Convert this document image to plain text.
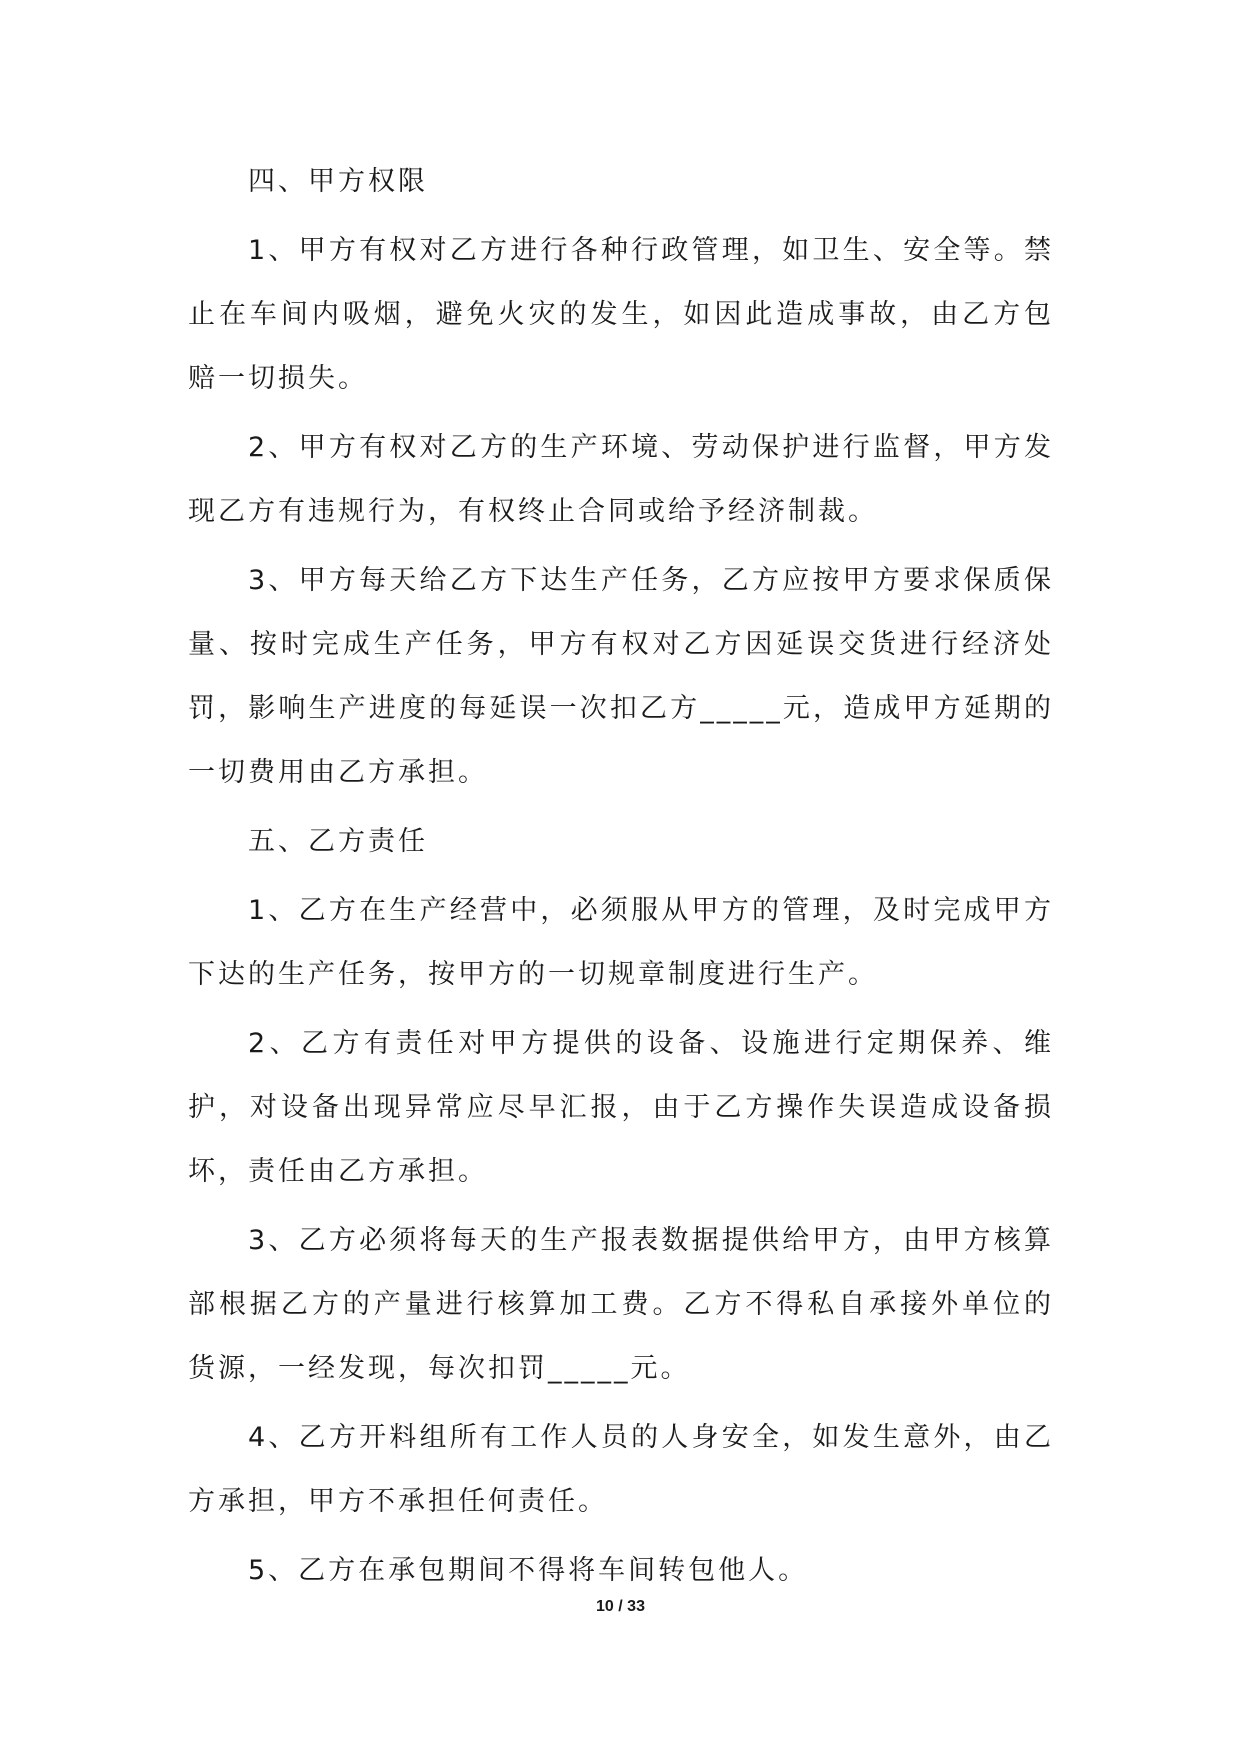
四、甲方权限

1、甲方有权对乙方进行各种行政管理，如卫生、安全等。禁止在车间内吸烟，避免火灾的发生，如因此造成事故，由乙方包赔一切损失。

2、甲方有权对乙方的生产环境、劳动保护进行监督，甲方发现乙方有违规行为，有权终止合同或给予经济制裁。

3、甲方每天给乙方下达生产任务，乙方应按甲方要求保质保量、按时完成生产任务，甲方有权对乙方因延误交货进行经济处罚，影响生产进度的每延误一次扣乙方_____元，造成甲方延期的一切费用由乙方承担。

五、乙方责任

1、乙方在生产经营中，必须服从甲方的管理，及时完成甲方下达的生产任务，按甲方的一切规章制度进行生产。

2、乙方有责任对甲方提供的设备、设施进行定期保养、维护，对设备出现异常应尽早汇报，由于乙方操作失误造成设备损坏，责任由乙方承担。

3、乙方必须将每天的生产报表数据提供给甲方，由甲方核算部根据乙方的产量进行核算加工费。乙方不得私自承接外单位的货源，一经发现，每次扣罚_____元。

4、乙方开料组所有工作人员的人身安全，如发生意外，由乙方承担，甲方不承担任何责任。

5、乙方在承包期间不得将车间转包他人。

10 / 33
